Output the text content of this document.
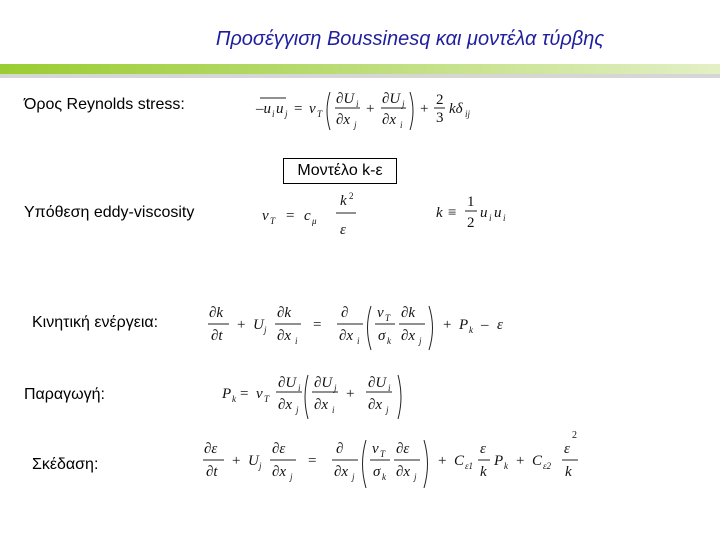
Προσέγγιση Boussinesq και μοντέλα τύρβης
Όρος Reynolds stress:	–u i u j = ν T
∂U i
∂x j
+
∂U j
∂x i
+
2
3
kδ ij
Μοντέλο k-ε
Υπόθεση eddy-viscosity	ν T = c μ
k 2
ε
k ≡
1
2
u i u i
Κινητική ενέργεια:
∂k
∂t
+ U j
∂k
∂x i
=
∂
∂x i
ν T
σ k
∂k
∂x j
+ P k – ε
Παραγωγή:	P k = ν T
∂U i
∂x j
∂U j
∂x i
+
∂U i
∂x j
Σκέδαση:
∂ε
∂t
+ U j
∂ε
∂x j
=
∂
∂x j
ν T
σ k
∂ε
∂x j
+ C ε1
ε
k
P k + C ε2
ε
2
k
